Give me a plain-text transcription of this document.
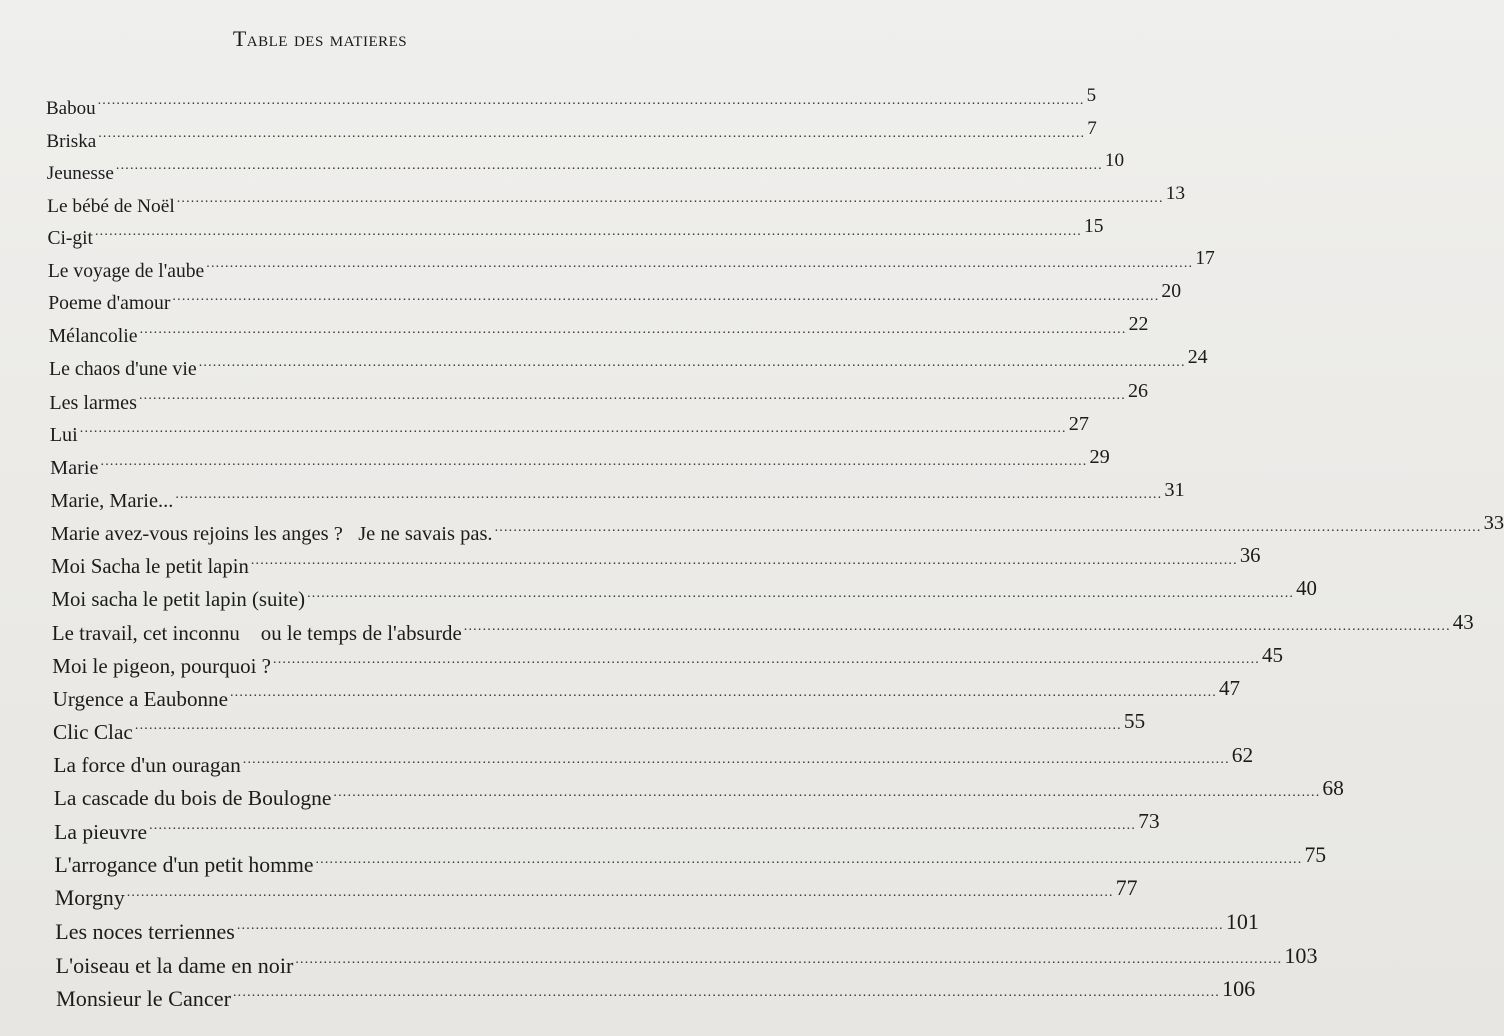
Table des matieres
Babou .................................................................................................................................................................................................................. 5
Briska .................................................................................................................................................................................................................. 7
Jeunesse .................................................................................................................................................................................................................. 10
Le bébé de Noël .................................................................................................................................................................................................................. 13
Ci-git .................................................................................................................................................................................................................. 15
Le voyage de l'aube .................................................................................................................................................................................................................. 17
Poeme d'amour .................................................................................................................................................................................................................. 20
Mélancolie .................................................................................................................................................................................................................. 22
Le chaos d'une vie .................................................................................................................................................................................................................. 24
Les larmes .................................................................................................................................................................................................................. 26
Lui .................................................................................................................................................................................................................. 27
Marie .................................................................................................................................................................................................................. 29
Marie, Marie... .................................................................................................................................................................................................................. 31
Marie avez-vous rejoins les anges ?   Je ne savais pas. .................................................................................................................................................................................................................. 33
Moi Sacha le petit lapin .................................................................................................................................................................................................................. 36
Moi sacha le petit lapin (suite) .................................................................................................................................................................................................................. 40
Le travail, cet inconnu    ou le temps de l'absurde .................................................................................................................................................................................................................. 43
Moi le pigeon, pourquoi ? .................................................................................................................................................................................................................. 45
Urgence a Eaubonne .................................................................................................................................................................................................................. 47
Clic Clac .................................................................................................................................................................................................................. 55
La force d'un ouragan .................................................................................................................................................................................................................. 62
La cascade du bois de Boulogne .................................................................................................................................................................................................................. 68
La pieuvre .................................................................................................................................................................................................................. 73
L'arrogance d'un petit homme .................................................................................................................................................................................................................. 75
Morgny .................................................................................................................................................................................................................. 77
Les noces terriennes .................................................................................................................................................................................................................. 101
L'oiseau et la dame en noir .................................................................................................................................................................................................................. 103
Monsieur le Cancer .................................................................................................................................................................................................................. 106
